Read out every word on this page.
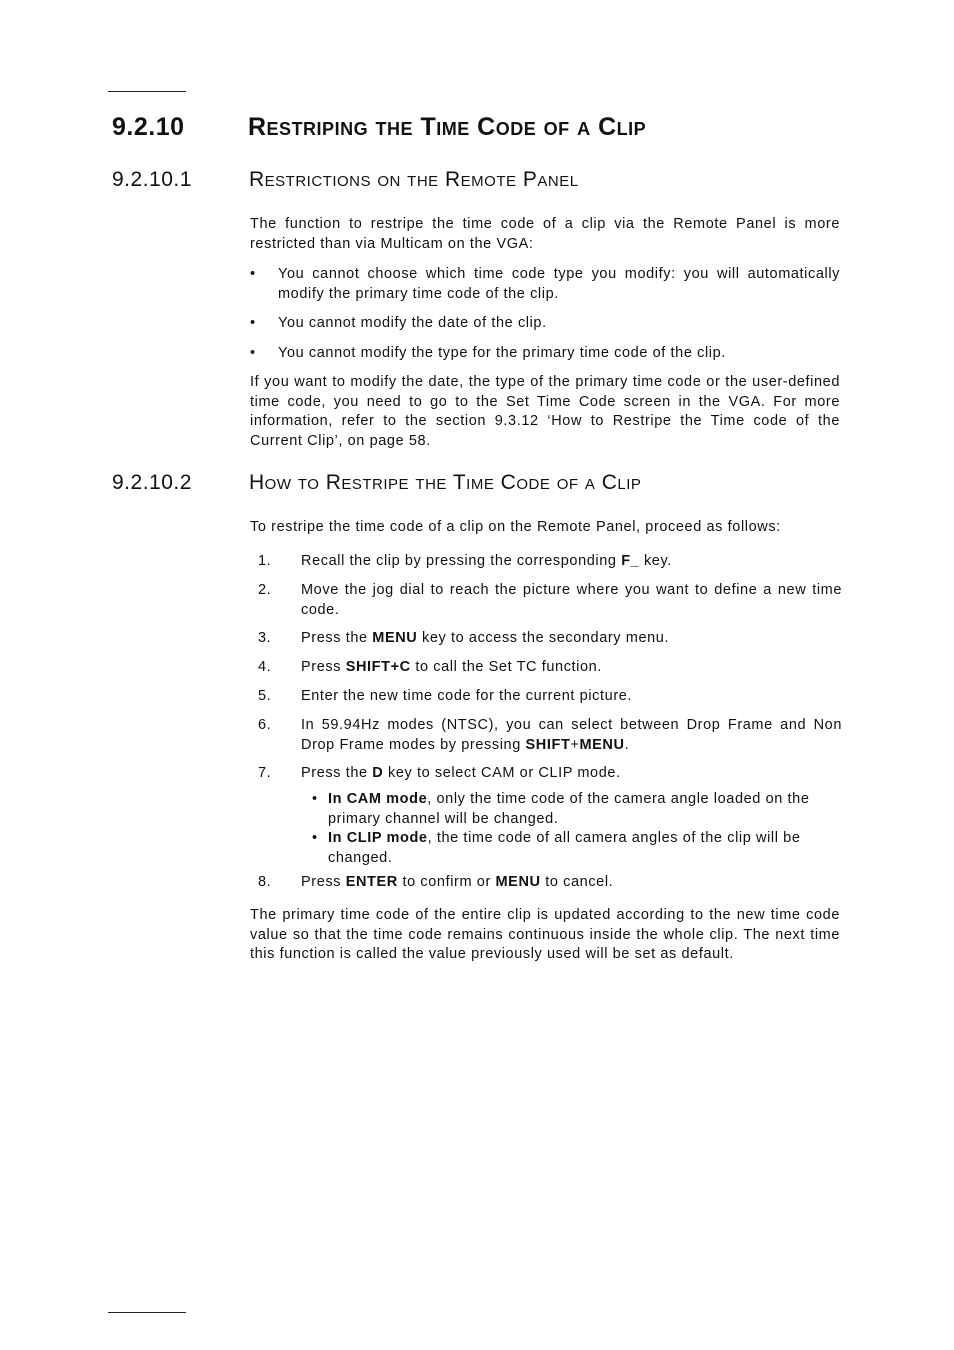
9.2.10	Restriping the Time Code of a Clip
9.2.10.1	Restrictions on the Remote Panel

The function to restripe the time code of a clip via the Remote Panel is more restricted than via Multicam on the VGA:

• You cannot choose which time code type you modify: you will automatically modify the primary time code of the clip.
• You cannot modify the date of the clip.
• You cannot modify the type for the primary time code of the clip.

If you want to modify the date, the type of the primary time code or the user-defined time code, you need to go to the Set Time Code screen in the VGA. For more information, refer to the section 9.3.12 ‘How to Restripe the Time code of the Current Clip’, on page 58.

9.2.10.2	How to Restripe the Time Code of a Clip

To restripe the time code of a clip on the Remote Panel, proceed as follows:

1. Recall the clip by pressing the corresponding F_ key.
2. Move the jog dial to reach the picture where you want to define a new time code.
3. Press the MENU key to access the secondary menu.
4. Press SHIFT+C to call the Set TC function.
5. Enter the new time code for the current picture.
6. In 59.94Hz modes (NTSC), you can select between Drop Frame and Non Drop Frame modes by pressing SHIFT+MENU.
7. Press the D key to select CAM or CLIP mode.
• In CAM mode, only the time code of the camera angle loaded on the primary channel will be changed.
• In CLIP mode, the time code of all camera angles of the clip will be changed.
8. Press ENTER to confirm or MENU to cancel.

The primary time code of the entire clip is updated according to the new time code value so that the time code remains continuous inside the whole clip. The next time this function is called the value previously used will be set as default.
